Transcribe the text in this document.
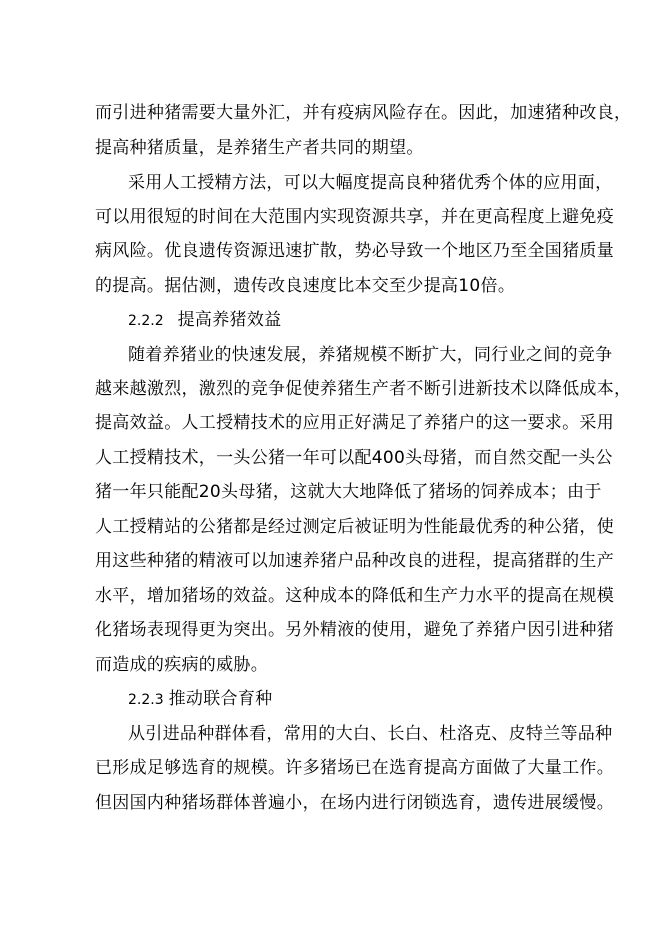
而引进种猪需要大量外汇，并有疫病风险存在。因此，加速猪种改良，
提高种猪质量，是养猪生产者共同的期望。
采用人工授精方法，可以大幅度提高良种猪优秀个体的应用面，
可以用很短的时间在大范围内实现资源共享，并在更高程度上避免疫
病风险。优良遗传资源迅速扩散，势必导致一个地区乃至全国猪质量
的提高。据估测，遗传改良速度比本交至少提高10倍。
2.2.2 提高养猪效益
随着养猪业的快速发展，养猪规模不断扩大，同行业之间的竞争
越来越激烈，激烈的竞争促使养猪生产者不断引进新技术以降低成本，
提高效益。人工授精技术的应用正好满足了养猪户的这一要求。采用
人工授精技术，一头公猪一年可以配400头母猪，而自然交配一头公
猪一年只能配20头母猪，这就大大地降低了猪场的饲养成本；由于
人工授精站的公猪都是经过测定后被证明为性能最优秀的种公猪，使
用这些种猪的精液可以加速养猪户品种改良的进程，提高猪群的生产
水平，增加猪场的效益。这种成本的降低和生产力水平的提高在规模
化猪场表现得更为突出。另外精液的使用，避免了养猪户因引进种猪
而造成的疾病的威胁。
2.2.3 推动联合育种
从引进品种群体看，常用的大白、长白、杜洛克、皮特兰等品种
已形成足够选育的规模。许多猪场已在选育提高方面做了大量工作。
但因国内种猪场群体普遍小，在场内进行闭锁选育，遗传进展缓慢。
